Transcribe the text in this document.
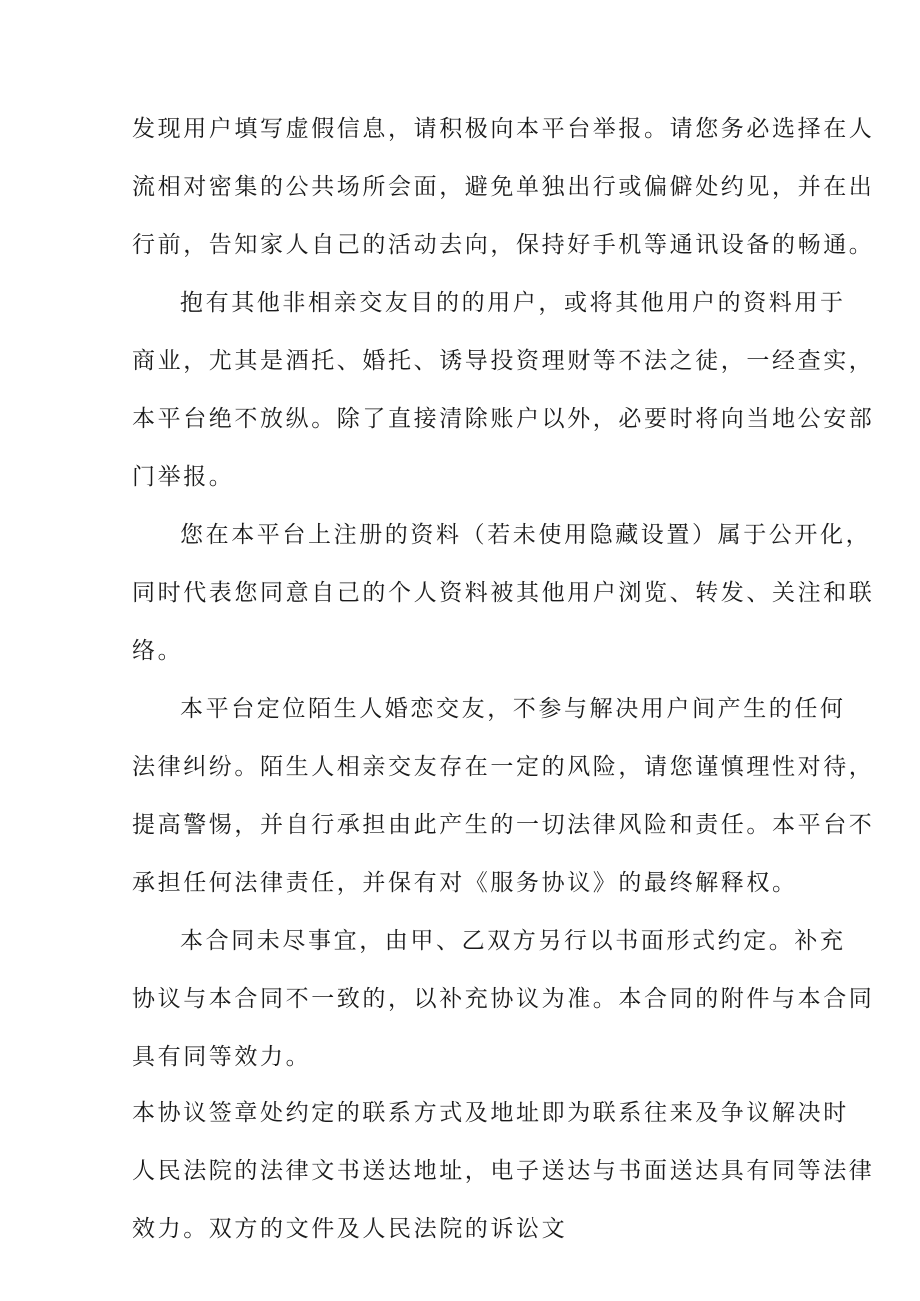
发现用户填写虚假信息，请积极向本平台举报。请您务必选择在人
流相对密集的公共场所会面，避免单独出行或偏僻处约见，并在出
行前，告知家人自己的活动去向，保持好手机等通讯设备的畅通。
抱有其他非相亲交友目的的用户，或将其他用户的资料用于
商业，尤其是酒托、婚托、诱导投资理财等不法之徒，一经查实，
本平台绝不放纵。除了直接清除账户以外，必要时将向当地公安部
门举报。
您在本平台上注册的资料（若未使用隐藏设置）属于公开化，
同时代表您同意自己的个人资料被其他用户浏览、转发、关注和联
络。
本平台定位陌生人婚恋交友，不参与解决用户间产生的任何
法律纠纷。陌生人相亲交友存在一定的风险，请您谨慎理性对待，
提高警惕，并自行承担由此产生的一切法律风险和责任。本平台不
承担任何法律责任，并保有对《服务协议》的最终解释权。
本合同未尽事宜，由甲、乙双方另行以书面形式约定。补充
协议与本合同不一致的，以补充协议为准。本合同的附件与本合同
具有同等效力。
本协议签章处约定的联系方式及地址即为联系往来及争议解决时
人民法院的法律文书送达地址，电子送达与书面送达具有同等法律
效力。双方的文件及人民法院的诉讼文
